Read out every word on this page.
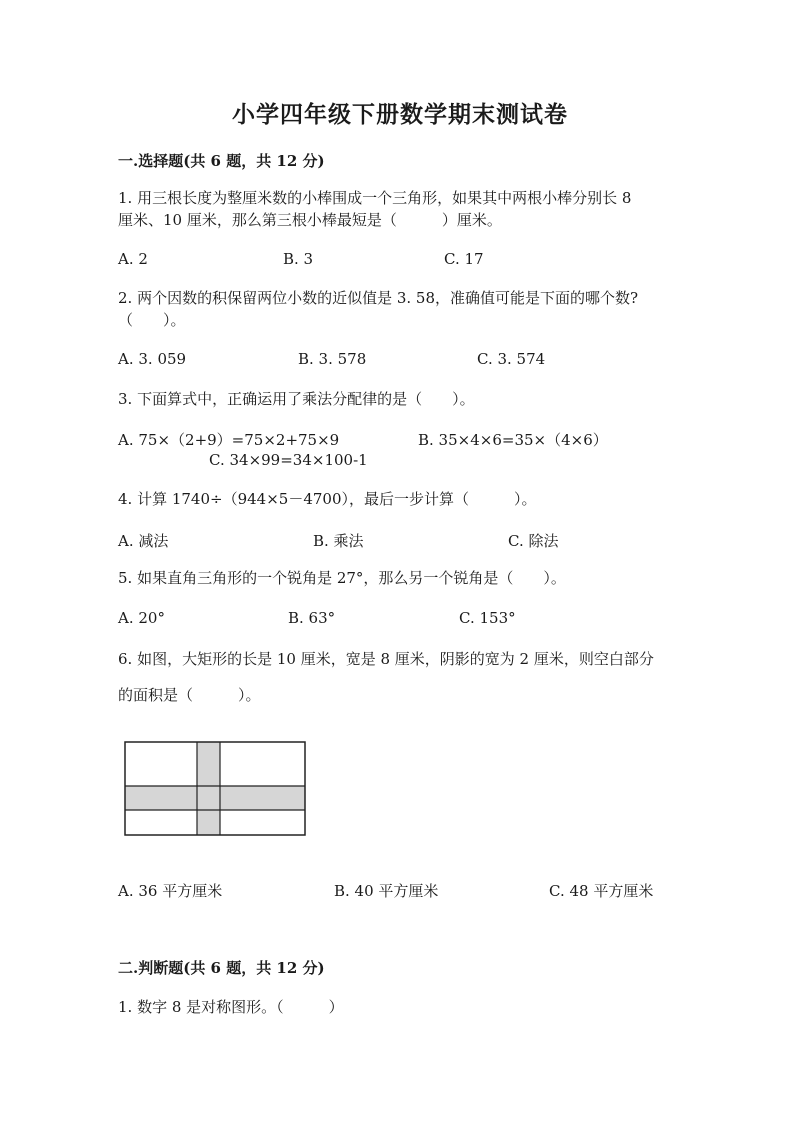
小学四年级下册数学期末测试卷
一.选择题(共 6 题，共 12 分)
1. 用三根长度为整厘米数的小棒围成一个三角形，如果其中两根小棒分别长 8
厘米、10 厘米，那么第三根小棒最短是（　　　）厘米。
A. 2	B. 3	C. 17
2. 两个因数的积保留两位小数的近似值是 3. 58，准确值可能是下面的哪个数?
（　　）。
A. 3. 059	B. 3. 578	C. 3. 574
3. 下面算式中，正确运用了乘法分配律的是（　　）。
A. 75×（2+9）=75×2+75×9	B. 35×4×6=35×（4×6）
C. 34×99=34×100-1
4. 计算 1740÷（944×5－4700），最后一步计算（　　　）。
A. 减法	B. 乘法	C. 除法
5. 如果直角三角形的一个锐角是 27°，那么另一个锐角是（　　）。
A. 20°	B. 63°	C. 153°
6. 如图，大矩形的长是 10 厘米，宽是 8 厘米，阴影的宽为 2 厘米，则空白部分
的面积是（　　　）。
A. 36 平方厘米	B. 40 平方厘米	C. 48 平方厘米
二.判断题(共 6 题，共 12 分)
1. 数字 8 是对称图形。（　　　）
